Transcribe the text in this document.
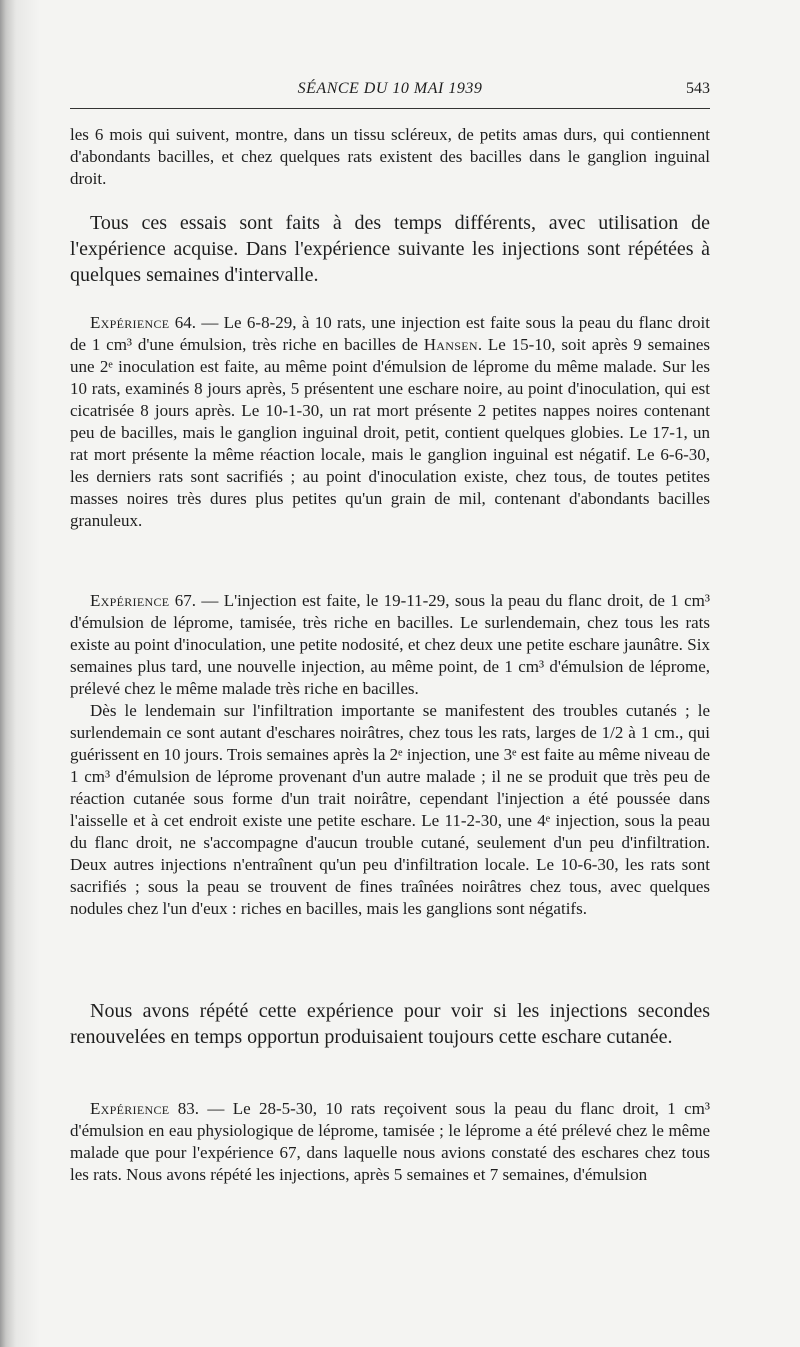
SÉANCE DU 10 MAI 1939	543

les 6 mois qui suivent, montre, dans un tissu scléreux, de petits amas durs, qui contiennent d'abondants bacilles, et chez quelques rats existent des bacilles dans le ganglion inguinal droit.

Tous ces essais sont faits à des temps différents, avec utilisation de l'expérience acquise. Dans l'expérience suivante les injections sont répétées à quelques semaines d'intervalle.

Expérience 64. — Le 6-8-29, à 10 rats, une injection est faite sous la peau du flanc droit de 1 cm³ d'une émulsion, très riche en bacilles de Hansen. Le 15-10, soit après 9 semaines une 2ᵉ inoculation est faite, au même point d'émulsion de léprome du même malade. Sur les 10 rats, examinés 8 jours après, 5 présentent une eschare noire, au point d'inoculation, qui est cicatrisée 8 jours après. Le 10-1-30, un rat mort présente 2 petites nappes noires contenant peu de bacilles, mais le ganglion inguinal droit, petit, contient quelques globies. Le 17-1, un rat mort présente la même réaction locale, mais le ganglion inguinal est négatif. Le 6-6-30, les derniers rats sont sacrifiés ; au point d'inoculation existe, chez tous, de toutes petites masses noires très dures plus petites qu'un grain de mil, contenant d'abondants bacilles granuleux.

Expérience 67. — L'injection est faite, le 19-11-29, sous la peau du flanc droit, de 1 cm³ d'émulsion de léprome, tamisée, très riche en bacilles. Le surlendemain, chez tous les rats existe au point d'inoculation, une petite nodosité, et chez deux une petite eschare jaunâtre. Six semaines plus tard, une nouvelle injection, au même point, de 1 cm³ d'émulsion de léprome, prélevé chez le même malade très riche en bacilles.

Dès le lendemain sur l'infiltration importante se manifestent des troubles cutanés ; le surlendemain ce sont autant d'eschares noirâtres, chez tous les rats, larges de 1/2 à 1 cm., qui guérissent en 10 jours. Trois semaines après la 2ᵉ injection, une 3ᵉ est faite au même niveau de 1 cm³ d'émulsion de léprome provenant d'un autre malade ; il ne se produit que très peu de réaction cutanée sous forme d'un trait noirâtre, cependant l'injection a été poussée dans l'aisselle et à cet endroit existe une petite eschare. Le 11-2-30, une 4ᵉ injection, sous la peau du flanc droit, ne s'accompagne d'aucun trouble cutané, seulement d'un peu d'infiltration. Deux autres injections n'entraînent qu'un peu d'infiltration locale. Le 10-6-30, les rats sont sacrifiés ; sous la peau se trouvent de fines traînées noirâtres chez tous, avec quelques nodules chez l'un d'eux : riches en bacilles, mais les ganglions sont négatifs.

Nous avons répété cette expérience pour voir si les injections secondes renouvelées en temps opportun produisaient toujours cette eschare cutanée.

Expérience 83. — Le 28-5-30, 10 rats reçoivent sous la peau du flanc droit, 1 cm³ d'émulsion en eau physiologique de léprome, tamisée ; le léprome a été prélevé chez le même malade que pour l'expérience 67, dans laquelle nous avions constaté des eschares chez tous les rats. Nous avons répété les injections, après 5 semaines et 7 semaines, d'émulsion
